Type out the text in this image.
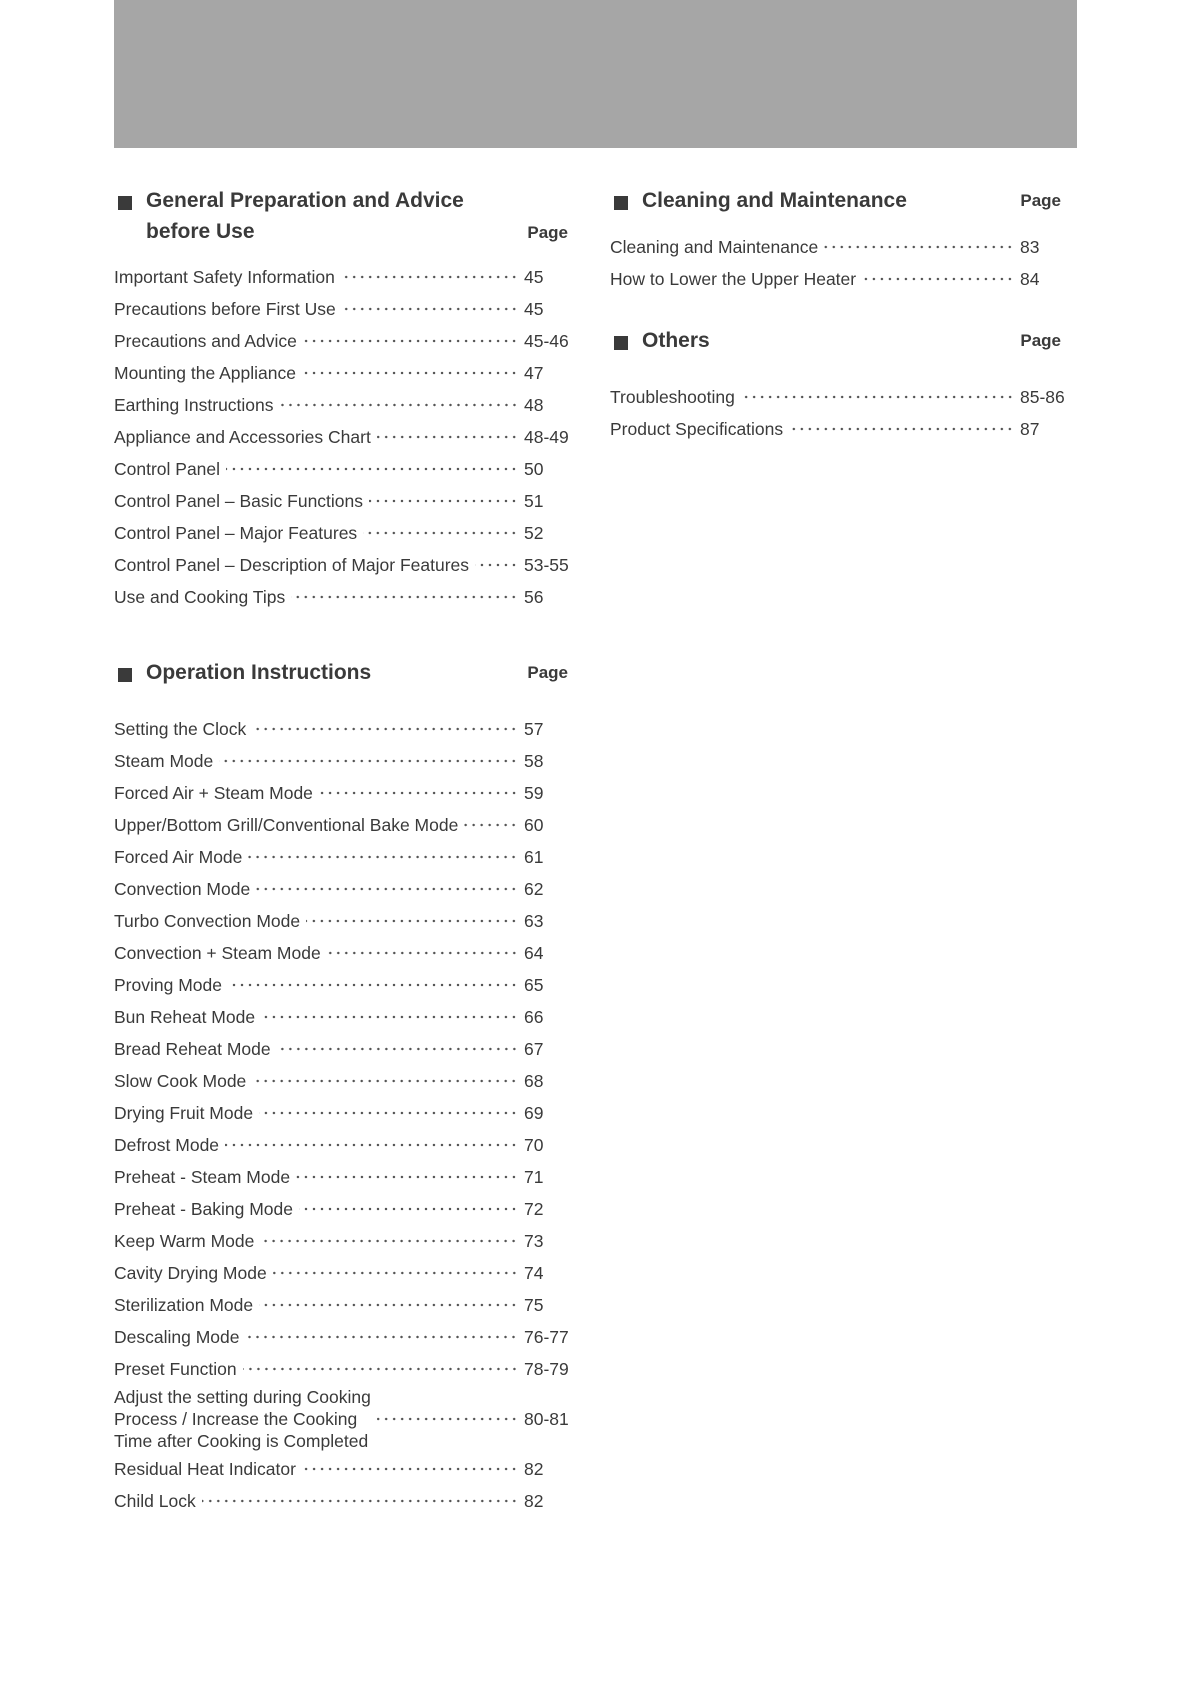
General Preparation and Advice
before Use	Page
Important Safety Information	45
Precautions before First Use	45
Precautions and Advice	45-46
Mounting the Appliance	47
Earthing Instructions	48
Appliance and Accessories Chart	48-49
Control Panel	50
Control Panel – Basic Functions	51
Control Panel – Major Features	52
Control Panel – Description of Major Features	53-55
Use and Cooking Tips	56
Operation Instructions	Page
Setting the Clock	57
Steam Mode	58
Forced Air + Steam Mode	59
Upper/Bottom Grill/Conventional Bake Mode	60
Forced Air Mode	61
Convection Mode	62
Turbo Convection Mode	63
Convection + Steam Mode	64
Proving Mode	65
Bun Reheat Mode	66
Bread Reheat Mode	67
Slow Cook Mode	68
Drying Fruit Mode	69
Defrost Mode	70
Preheat - Steam Mode	71
Preheat - Baking Mode	72
Keep Warm Mode	73
Cavity Drying Mode	74
Sterilization Mode	75
Descaling Mode	76-77
Preset Function	78-79
Adjust the setting during Cooking
Process / Increase the Cooking
Time after Cooking is Completed
80-81
Residual Heat Indicator	82
Child Lock	82
Cleaning and Maintenance	Page
Cleaning and Maintenance	83
How to Lower the Upper Heater	84
Others	Page
Troubleshooting	85-86
Product Specifications	87
